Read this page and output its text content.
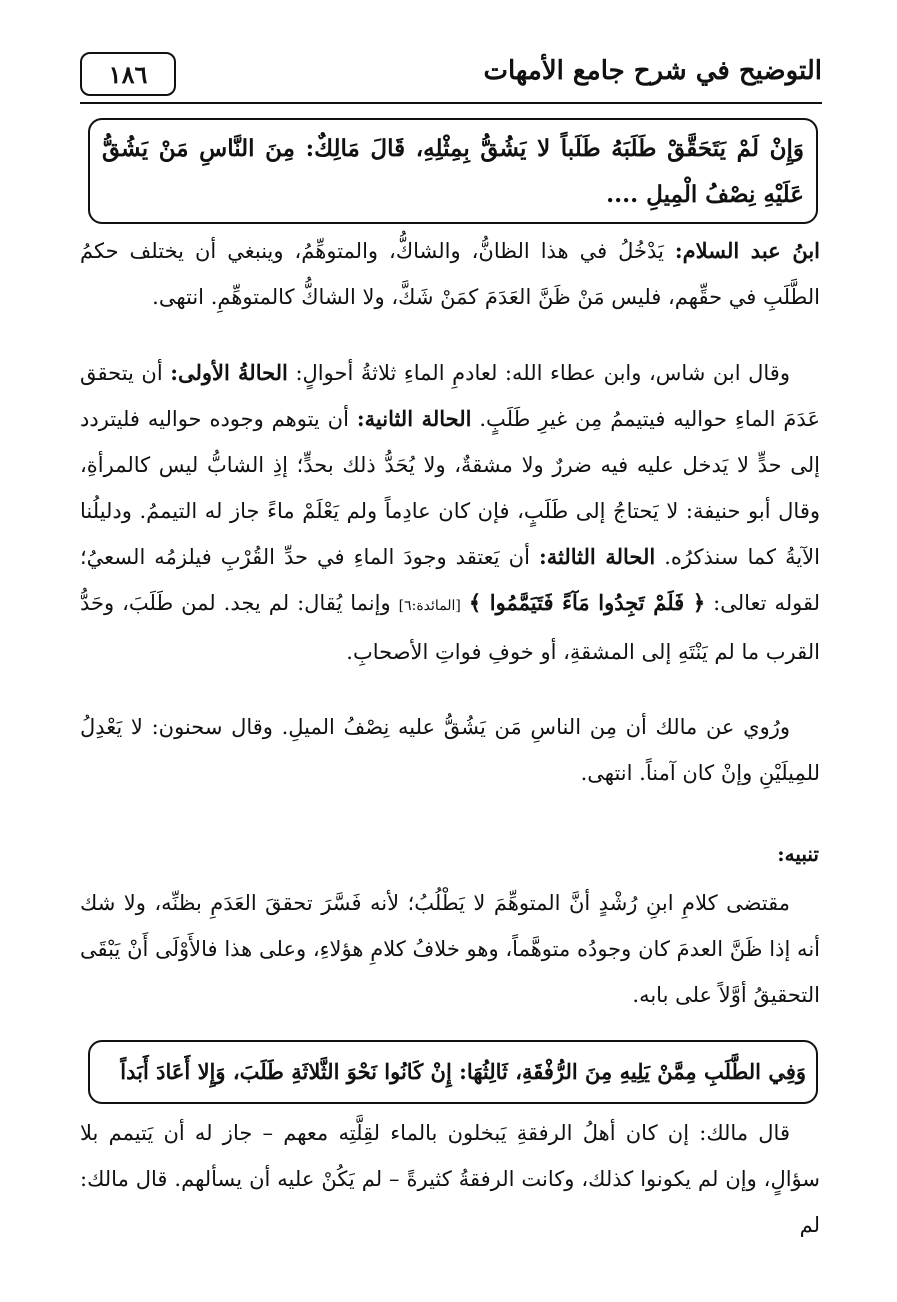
التوضيح في شرح جامع الأمهات
١٨٦
وَإِنْ لَمْ يَتَحَقَّقْ طَلَبَهُ طَلَباً لا يَشُقُّ بِمِثْلِهِ، قَالَ مَالِكٌ: مِنَ النَّاسِ مَنْ يَشُقُّ عَلَيْهِ نِصْفُ الْمِيلِ ....

ابنُ عبد السلام: يَدْخُلُ في هذا الظانُّ، والشاكُّ، والمتوهِّمُ، وينبغي أن يختلف حكمُ الطَّلَبِ في حقِّهم، فليس مَنْ ظَنَّ العَدَمَ كمَنْ شَكَّ، ولا الشاكُّ كالمتوهِّمِ. انتهى.

وقال ابن شاس، وابن عطاء الله: لعادمِ الماءِ ثلاثةُ أحوالٍ: الحالةُ الأولى: أن يتحقق عَدَمَ الماءِ حواليه فيتيممُ مِن غيرِ طَلَبٍ. الحالة الثانية: أن يتوهم وجوده حواليه فليتردد إلى حدٍّ لا يَدخل عليه فيه ضررٌ ولا مشقةٌ، ولا يُحَدُّ ذلك بحدٍّ؛ إذِ الشابُّ ليس كالمرأةِ، وقال أبو حنيفة: لا يَحتاجُ إلى طَلَبٍ، فإن كان عادِماً ولم يَعْلَمْ ماءً جاز له التيممُ. ودليلُنا الآيةُ كما سنذكرُه. الحالة الثالثة: أن يَعتقد وجودَ الماءِ في حدِّ القُرْبِ فيلزمُه السعيُ؛ لقوله تعالى: ﴿ فَلَمْ تَجِدُوا مَآءً فَتَيَمَّمُوا ﴾ [المائدة:٦] وإنما يُقال: لم يجد. لمن طَلَبَ، وحَدُّ القرب ما لم يَنْتَهِ إلى المشقةِ، أو خوفِ فواتِ الأصحابِ.

ورُوي عن مالك أن مِن الناسِ مَن يَشُقُّ عليه نِصْفُ الميلِ. وقال سحنون: لا يَعْدِلُ للمِيلَيْنِ وإنْ كان آمناً. انتهى.

تنبيه:

مقتضى كلامِ ابنِ رُشْدٍ أنَّ المتوهِّمَ لا يَطْلُبُ؛ لأنه فَسَّرَ تحققَ العَدَمِ بظنِّه، ولا شك أنه إذا ظَنَّ العدمَ كان وجودُه متوهَّماً، وهو خلافُ كلامِ هؤلاءِ، وعلى هذا فالأَوْلَى أَنْ يَبْقَى التحقيقُ أوَّلاً على بابه.

وَفِي الطَّلَبِ مِمَّنْ يَلِيهِ مِنَ الرُّفْقَةِ، ثَالِثُهَا: إِنْ كَانُوا نَحْوَ الثَّلاثَةِ طَلَبَ، وَإِلا أَعَادَ أَبَداً

قال مالك: إن كان أهلُ الرفقةِ يَبخلون بالماء لقِلَّتِه معهم – جاز له أن يَتيمم بلا سؤالٍ، وإن لم يكونوا كذلك، وكانت الرفقةُ كثيرةً – لم يَكُنْ عليه أن يسألهم. قال مالك: لم
